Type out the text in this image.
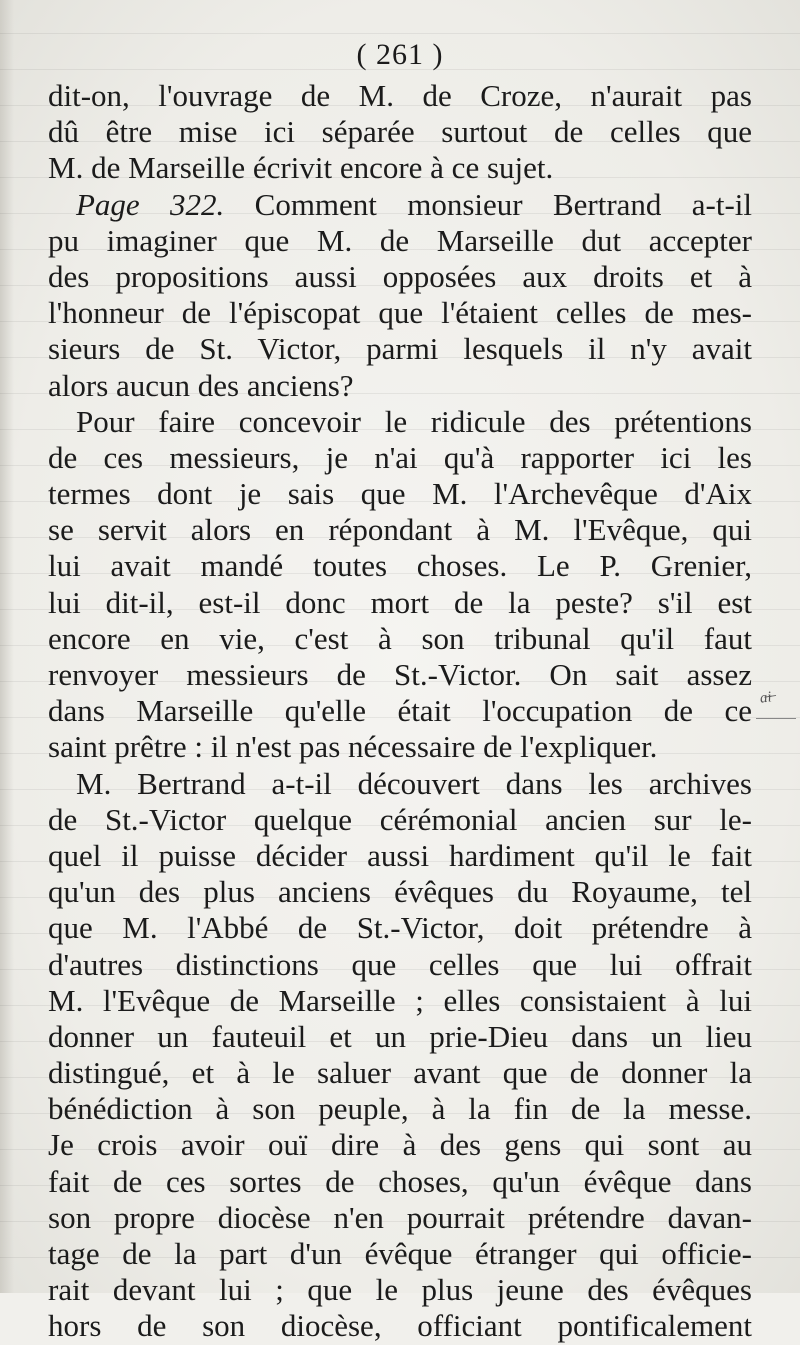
( 261 )
dit-on, l'ouvrage de M. de Croze, n'aurait pas
dû être mise ici séparée surtout de celles que
M. de Marseille écrivit encore à ce sujet.
Page 322. Comment monsieur Bertrand a-t-il
pu imaginer que M. de Marseille dut accepter
des propositions aussi opposées aux droits et à
l'honneur de l'épiscopat que l'étaient celles de mes-
sieurs de St. Victor, parmi lesquels il n'y avait
alors aucun des anciens?
Pour faire concevoir le ridicule des prétentions
de ces messieurs, je n'ai qu'à rapporter ici les
termes dont je sais que M. l'Archevêque d'Aix
se servit alors en répondant à M. l'Evêque, qui
lui avait mandé toutes choses. Le P. Grenier,
lui dit-il, est-il donc mort de la peste? s'il est
encore en vie, c'est à son tribunal qu'il faut
renvoyer messieurs de St.-Victor. On sait assez
dans Marseille qu'elle était l'occupation de ce
saint prêtre : il n'est pas nécessaire de l'expliquer.
M. Bertrand a-t-il découvert dans les archives
de St.-Victor quelque cérémonial ancien sur le-
quel il puisse décider aussi hardiment qu'il le fait
qu'un des plus anciens évêques du Royaume, tel
que M. l'Abbé de St.-Victor, doit prétendre à
d'autres distinctions que celles que lui offrait
M. l'Evêque de Marseille ; elles consistaient à lui
donner un fauteuil et un prie-Dieu dans un lieu
distingué, et à le saluer avant que de donner la
bénédiction à son peuple, à la fin de la messe.
Je crois avoir ouï dire à des gens qui sont au
fait de ces sortes de choses, qu'un évêque dans
son propre diocèse n'en pourrait prétendre davan-
tage de la part d'un évêque étranger qui officie-
rait devant lui ; que le plus jeune des évêques
hors de son diocèse, officiant pontificalement
a̶i̶
